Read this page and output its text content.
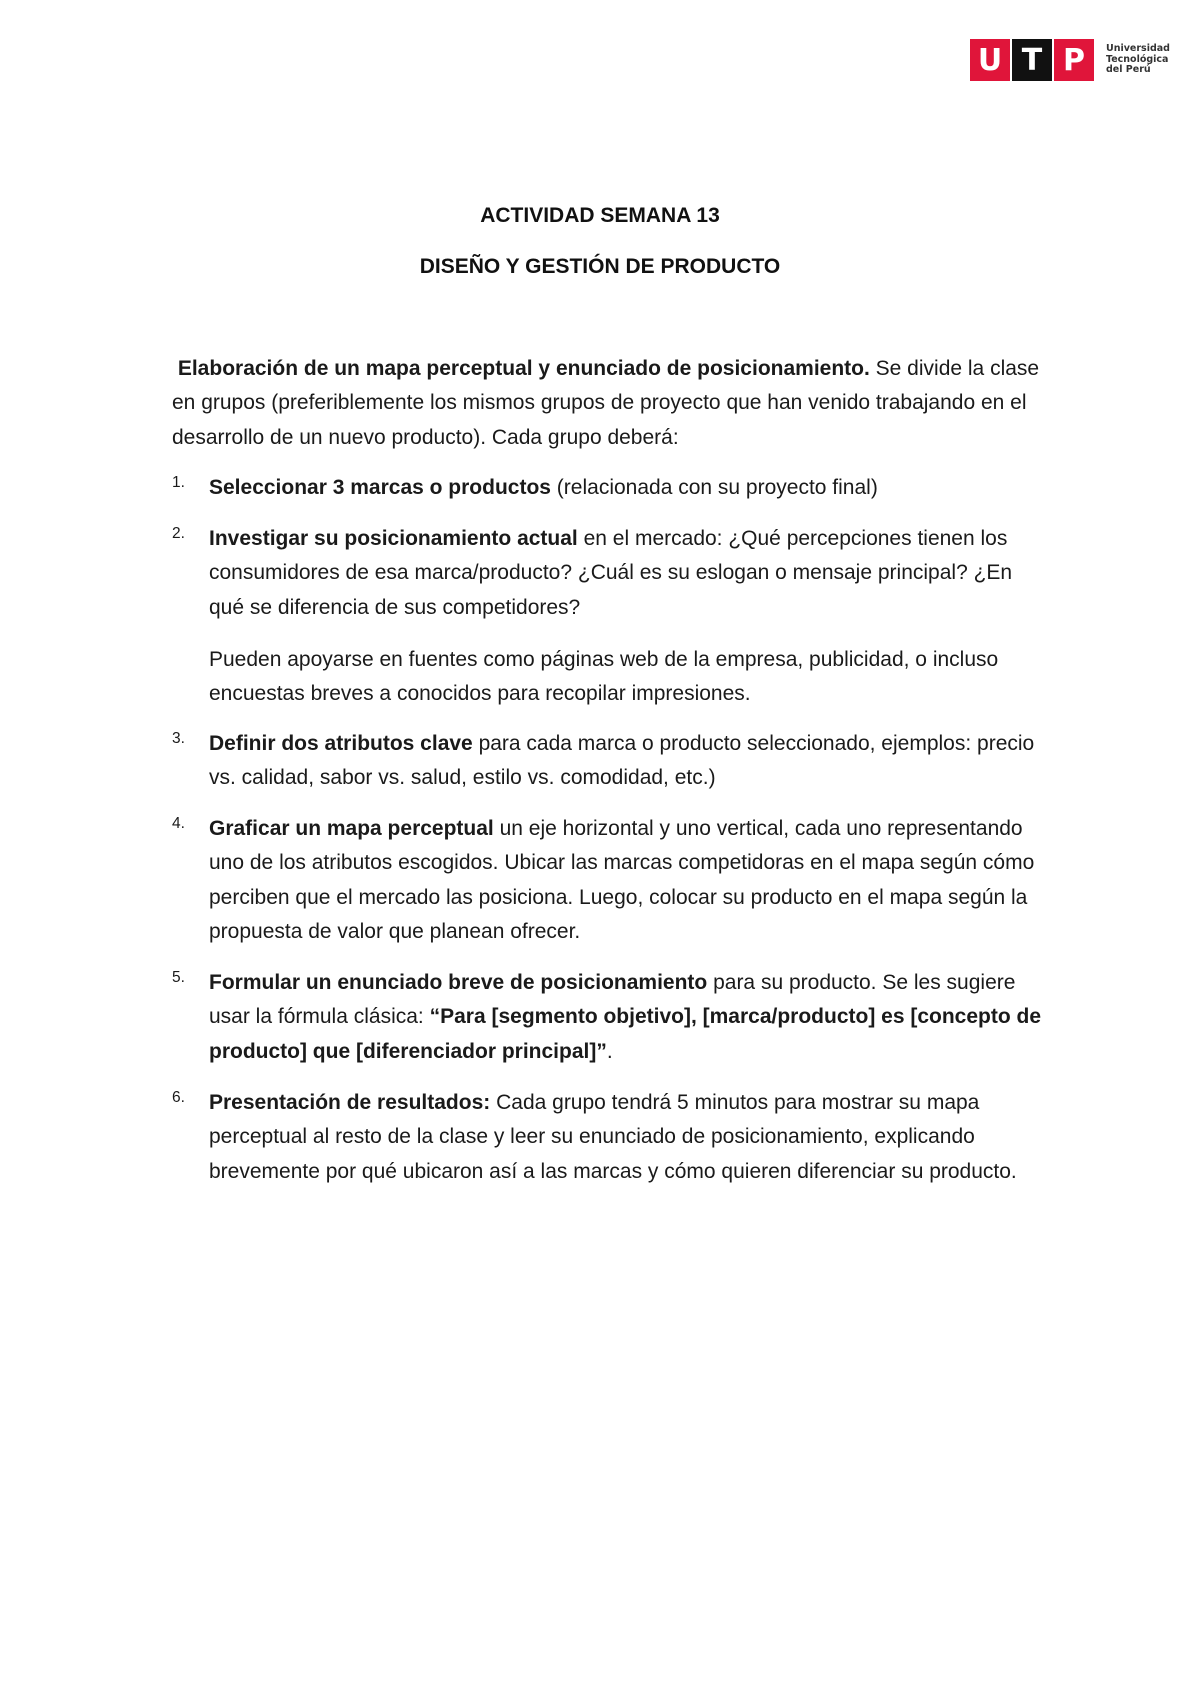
U T P	Universidad
Tecnológica
del Perú
ACTIVIDAD SEMANA 13
DISEÑO Y GESTIÓN DE PRODUCTO

Elaboración de un mapa perceptual y enunciado de posicionamiento. Se divide la clase en grupos (preferiblemente los mismos grupos de proyecto que han venido trabajando en el desarrollo de un nuevo producto). Cada grupo deberá:

1. Seleccionar 3 marcas o productos (relacionada con su proyecto final)

2. Investigar su posicionamiento actual en el mercado: ¿Qué percepciones tienen los consumidores de esa marca/producto? ¿Cuál es su eslogan o mensaje principal? ¿En qué se diferencia de sus competidores?

Pueden apoyarse en fuentes como páginas web de la empresa, publicidad, o incluso encuestas breves a conocidos para recopilar impresiones.

3. Definir dos atributos clave para cada marca o producto seleccionado, ejemplos: precio vs. calidad, sabor vs. salud, estilo vs. comodidad, etc.)

4. Graficar un mapa perceptual un eje horizontal y uno vertical, cada uno representando uno de los atributos escogidos. Ubicar las marcas competidoras en el mapa según cómo perciben que el mercado las posiciona. Luego, colocar su producto en el mapa según la propuesta de valor que planean ofrecer.

5. Formular un enunciado breve de posicionamiento para su producto. Se les sugiere usar la fórmula clásica: “Para [segmento objetivo], [marca/producto] es [concepto de producto] que [diferenciador principal]”.

6. Presentación de resultados: Cada grupo tendrá 5 minutos para mostrar su mapa perceptual al resto de la clase y leer su enunciado de posicionamiento, explicando brevemente por qué ubicaron así a las marcas y cómo quieren diferenciar su producto.
